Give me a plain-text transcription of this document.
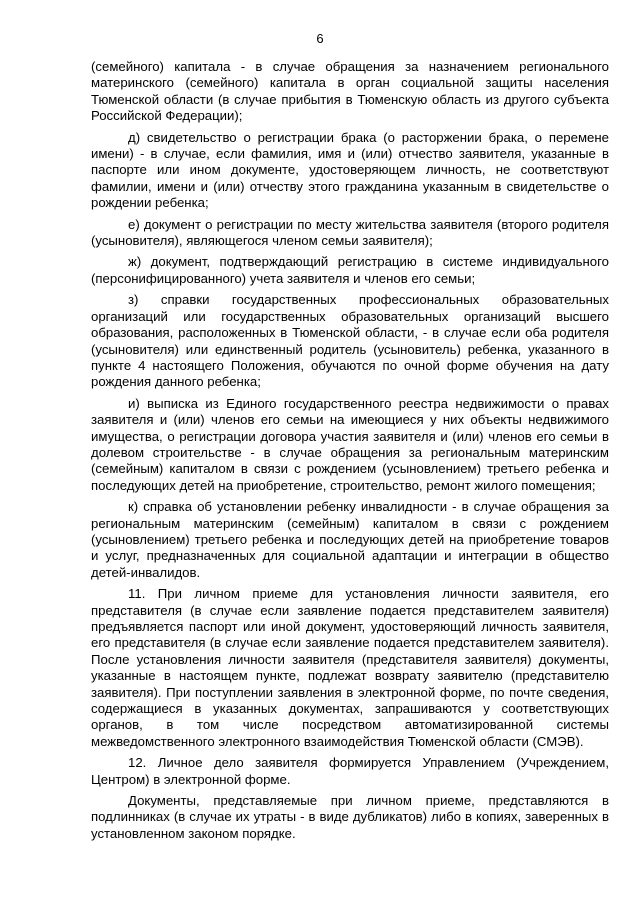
6

(семейного) капитала - в случае обращения за назначением регионального материнского (семейного) капитала в орган социальной защиты населения Тюменской области (в случае прибытия в Тюменскую область из другого субъекта Российской Федерации);

д) свидетельство о регистрации брака (о расторжении брака, о перемене имени) - в случае, если фамилия, имя и (или) отчество заявителя, указанные в паспорте или ином документе, удостоверяющем личность, не соответствуют фамилии, имени и (или) отчеству этого гражданина указанным в свидетельстве о рождении ребенка;

е) документ о регистрации по месту жительства заявителя (второго родителя (усыновителя), являющегося членом семьи заявителя);

ж) документ, подтверждающий регистрацию в системе индивидуального (персонифицированного) учета заявителя и членов его семьи;

з) справки государственных профессиональных образовательных организаций или государственных образовательных организаций высшего образования, расположенных в Тюменской области, - в случае если оба родителя (усыновителя) или единственный родитель (усыновитель) ребенка, указанного в пункте 4 настоящего Положения, обучаются по очной форме обучения на дату рождения данного ребенка;

и) выписка из Единого государственного реестра недвижимости о правах заявителя и (или) членов его семьи на имеющиеся у них объекты недвижимого имущества, о регистрации договора участия заявителя и (или) членов его семьи в долевом строительстве - в случае обращения за региональным материнским (семейным) капиталом в связи с рождением (усыновлением) третьего ребенка и последующих детей на приобретение, строительство, ремонт жилого помещения;

к) справка об установлении ребенку инвалидности - в случае обращения за региональным материнским (семейным) капиталом в связи с рождением (усыновлением) третьего ребенка и последующих детей на приобретение товаров и услуг, предназначенных для социальной адаптации и интеграции в общество детей-инвалидов.

11. При личном приеме для установления личности заявителя, его представителя (в случае если заявление подается представителем заявителя) предъявляется паспорт или иной документ, удостоверяющий личность заявителя, его представителя (в случае если заявление подается представителем заявителя). После установления личности заявителя (представителя заявителя) документы, указанные в настоящем пункте, подлежат возврату заявителю (представителю заявителя). При поступлении заявления в электронной форме, по почте сведения, содержащиеся в указанных документах, запрашиваются у соответствующих органов, в том числе посредством автоматизированной системы межведомственного электронного взаимодействия Тюменской области (СМЭВ).

12. Личное дело заявителя формируется Управлением (Учреждением, Центром) в электронной форме.

Документы, представляемые при личном приеме, представляются в подлинниках (в случае их утраты - в виде дубликатов) либо в копиях, заверенных в установленном законом порядке.
